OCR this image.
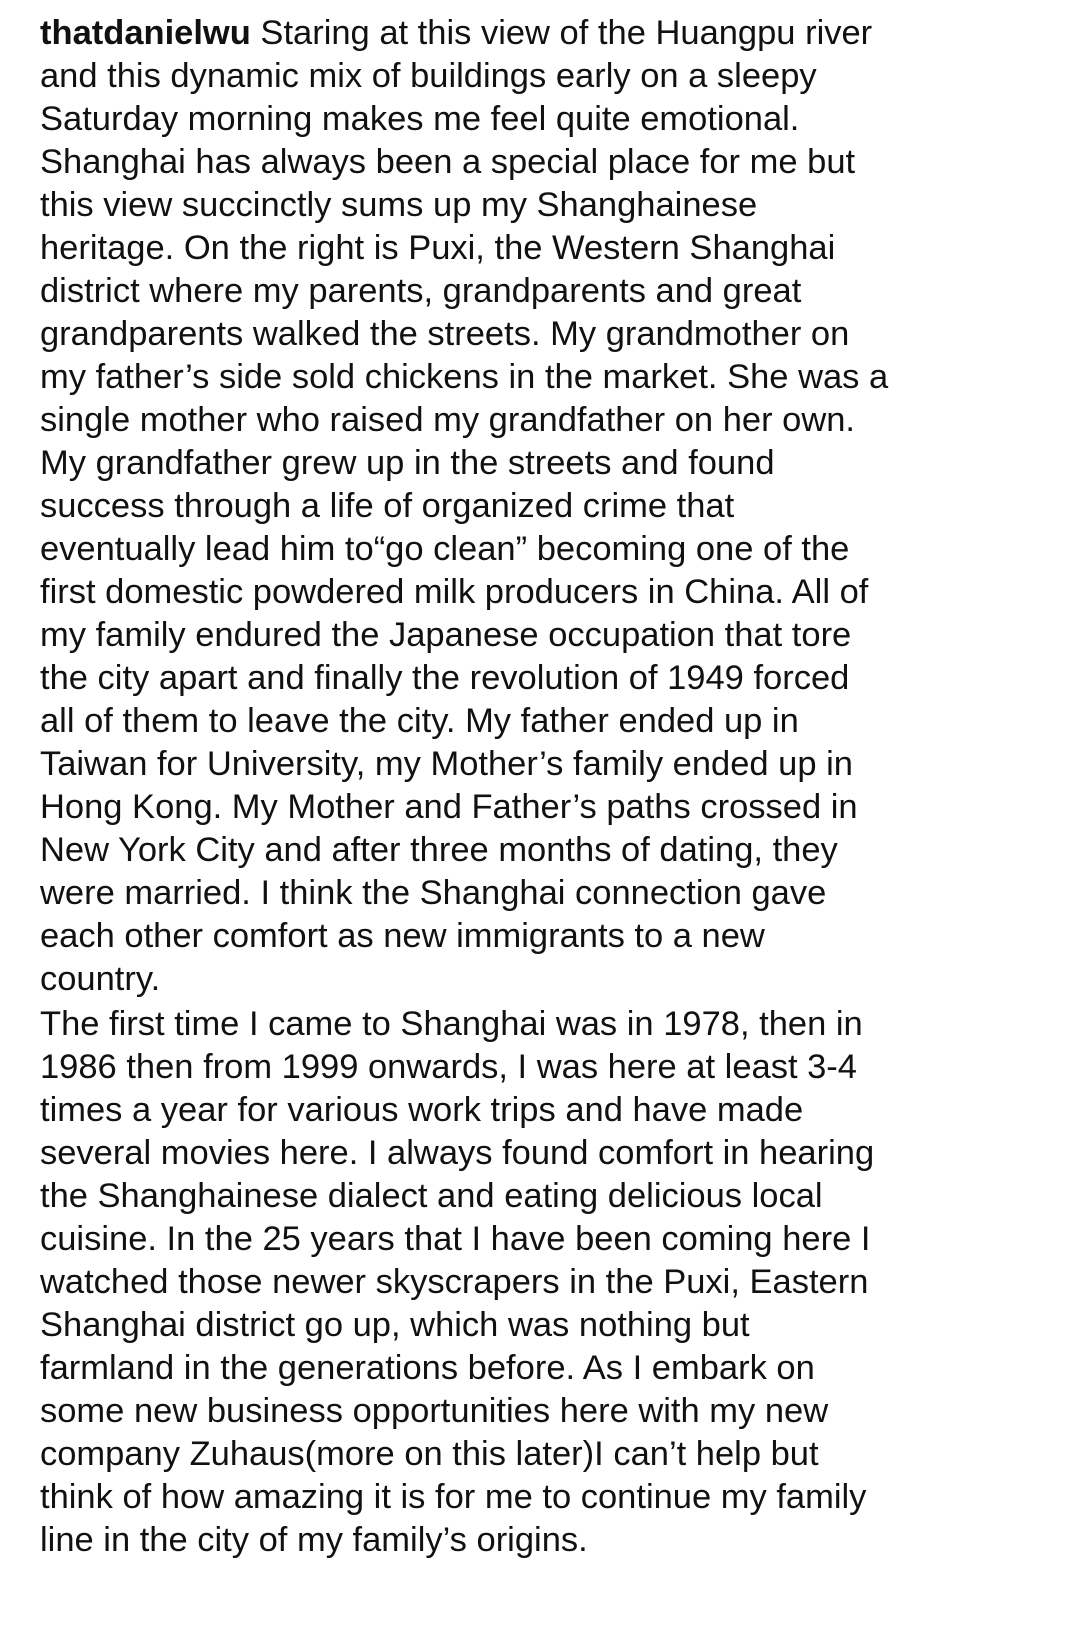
thatdanielwu Staring at this view of the Huangpu river
and this dynamic mix of buildings early on a sleepy
Saturday morning makes me feel quite emotional.
Shanghai has always been a special place for me but
this view succinctly sums up my Shanghainese
heritage. On the right is Puxi, the Western Shanghai
district where my parents, grandparents and great
grandparents walked the streets. My grandmother on
my father’s side sold chickens in the market. She was a
single mother who raised my grandfather on her own.
My grandfather grew up in the streets and found
success through a life of organized crime that
eventually lead him to“go clean” becoming one of the
first domestic powdered milk producers in China. All of
my family endured the Japanese occupation that tore
the city apart and finally the revolution of 1949 forced
all of them to leave the city. My father ended up in
Taiwan for University, my Mother’s family ended up in
Hong Kong. My Mother and Father’s paths crossed in
New York City and after three months of dating, they
were married. I think the Shanghai connection gave
each other comfort as new immigrants to a new
country.
The first time I came to Shanghai was in 1978, then in
1986 then from 1999 onwards, I was here at least 3-4
times a year for various work trips and have made
several movies here. I always found comfort in hearing
the Shanghainese dialect and eating delicious local
cuisine. In the 25 years that I have been coming here I
watched those newer skyscrapers in the Puxi, Eastern
Shanghai district go up, which was nothing but
farmland in the generations before. As I embark on
some new business opportunities here with my new
company Zuhaus(more on this later)I can’t help but
think of how amazing it is for me to continue my family
line in the city of my family’s origins.
